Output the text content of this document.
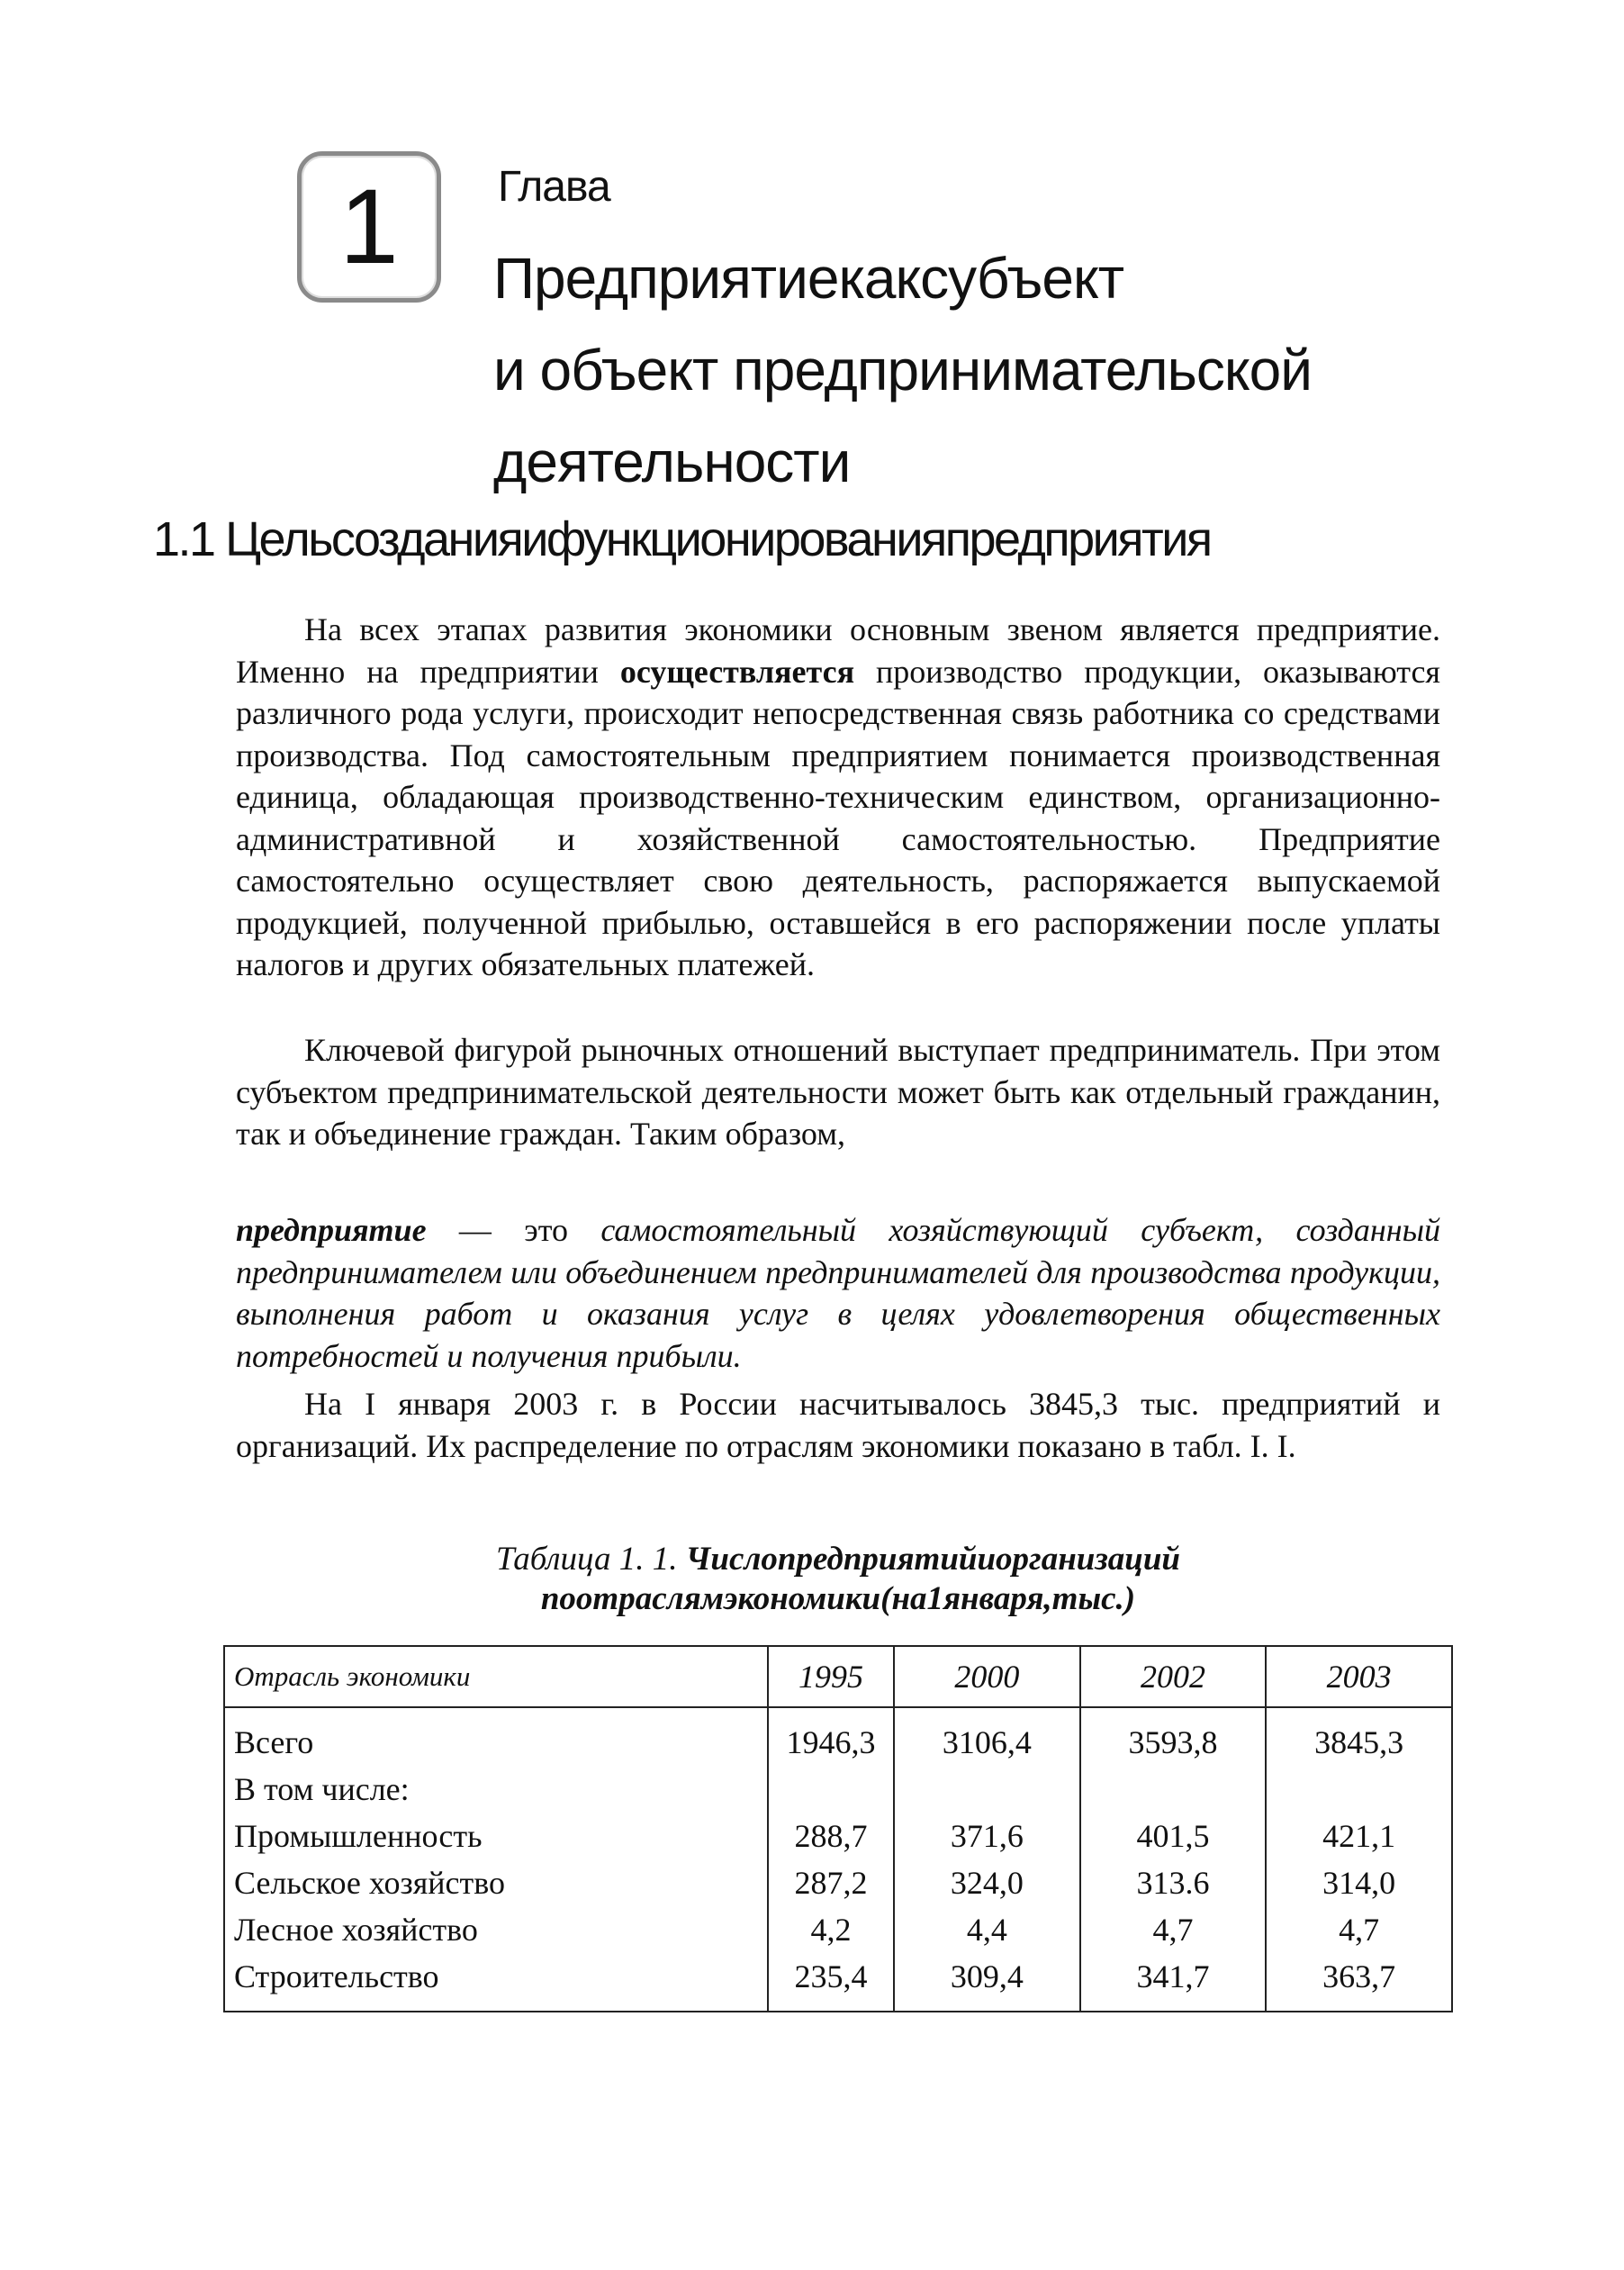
1	Глава
Предприятиекаксубъект
и объект предпринимательской
деятельности
1.1 Цельсозданияифункционированияпредприятия

На всех этапах развития экономики основным звеном является предприятие. Именно на предприятии осуществляется производство продукции, оказываются различного рода услуги, происходит непосредственная связь работника со средствами производства. Под самостоятельным предприятием понимается производственная единица, обладающая производственно-техническим единством, организационно-административной и хозяйственной самостоятельностью. Предприятие самостоятельно осуществляет свою деятельность, распоряжается выпускаемой продукцией, полученной прибылью, оставшейся в его распоряжении после уплаты налогов и других обязательных платежей.

Ключевой фигурой рыночных отношений выступает предприниматель. При этом субъектом предпринимательской деятельности может быть как отдельный гражданин, так и объединение граждан. Таким образом,

предприятие — это самостоятельный хозяйствующий субъект, созданный предпринимателем или объединением предпринимателей для производства продукции, выполнения работ и оказания услуг в целях удовлетворения общественных потребностей и получения прибыли.

На I января 2003 г. в России насчитывалось 3845,3 тыс. предприятий и организаций. Их распределение по отраслям экономики показано в табл. I. I.

Таблица 1. 1. Числопредприятийиорганизаций
поотраслямэкономики(на1января,тыс.)
Отрасль экономики	1995	2000	2002	2003
Всего	1946,3	3106,4	3593,8	3845,3
В том числе:				
Промышленность	288,7	371,6	401,5	421,1
Сельское хозяйство	287,2	324,0	313.6	314,0
Лесное хозяйство	4,2	4,4	4,7	4,7
Строительство	235,4	309,4	341,7	363,7
